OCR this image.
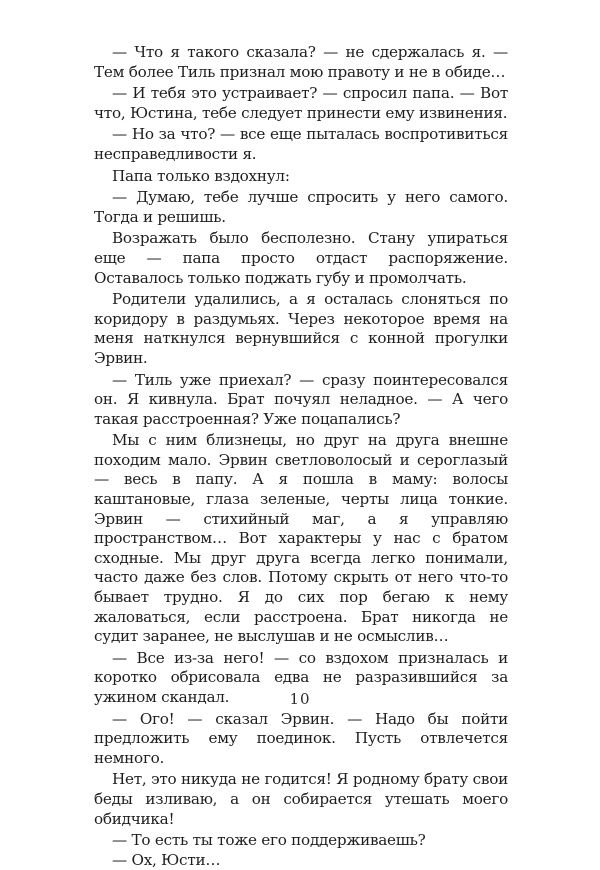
— Что я такого сказала? — не сдержалась я. — Тем более Тиль признал мою правоту и не в обиде…

— И тебя это устраивает? — спросил папа. — Вот что, Юстина, тебе следует принести ему извинения.

— Но за что? — все еще пыталась воспротивиться несправедливости я.

Папа только вздохнул:

— Думаю, тебе лучше спросить у него самого. Тогда и решишь.

Возражать было бесполезно. Стану упираться еще — папа просто отдаст распоряжение. Оставалось только поджать губу и промолчать.

Родители удалились, а я осталась слоняться по коридору в раздумьях. Через некоторое время на меня наткнулся вернувшийся с конной прогулки Эрвин.

— Тиль уже приехал? — сразу поинтересовался он. Я кивнула. Брат почуял неладное. — А чего такая расстроенная? Уже поцапались?

Мы с ним близнецы, но друг на друга внешне походим мало. Эрвин светловолосый и сероглазый — весь в папу. А я пошла в маму: волосы каштановые, глаза зеленые, черты лица тонкие. Эрвин — стихийный маг, а я управляю пространством… Вот характеры у нас с братом сходные. Мы друг друга всегда легко понимали, часто даже без слов. Потому скрыть от него что-то бывает трудно. Я до сих пор бегаю к нему жаловаться, если расстроена. Брат никогда не судит заранее, не выслушав и не осмыслив…

— Все из-за него! — со вздохом призналась и коротко обрисовала едва не разразившийся за ужином скандал.

— Ого! — сказал Эрвин. — Надо бы пойти предложить ему поединок. Пусть отвлечется немного.

Нет, это никуда не годится! Я родному брату свои беды изливаю, а он собирается утешать моего обидчика!

— То есть ты тоже его поддерживаешь?

— Ох, Юсти…

10
